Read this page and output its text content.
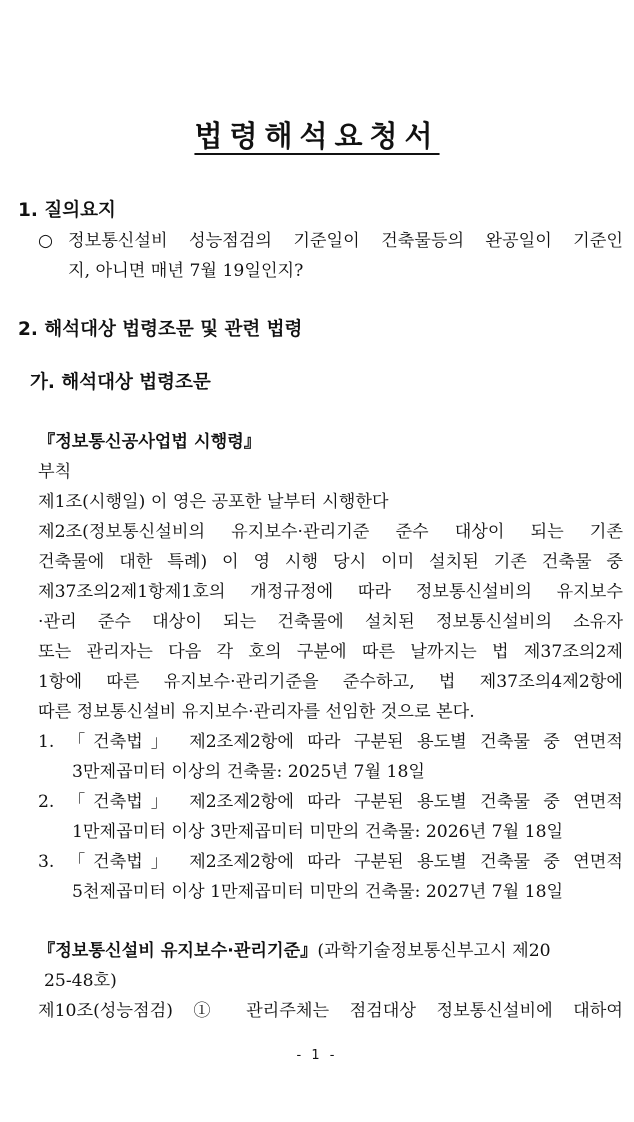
법령해석요청서
1. 질의요지
○ 정보통신설비 성능점검의 기준일이 건축물등의 완공일이 기준인
지, 아니면 매년 7월 19일인지?
2. 해석대상 법령조문 및 관련 법령
가. 해석대상 법령조문
『정보통신공사업법 시행령』
부칙
제1조(시행일) 이 영은 공포한 날부터 시행한다
제2조(정보통신설비의 유지보수·관리기준 준수 대상이 되는 기존
건축물에 대한 특례) 이 영 시행 당시 이미 설치된 기존 건축물 중
제37조의2제1항제1호의 개정규정에 따라 정보통신설비의 유지보수
·관리 준수 대상이 되는 건축물에 설치된 정보통신설비의 소유자
또는 관리자는 다음 각 호의 구분에 따른 날까지는 법 제37조의2제
1항에 따른 유지보수·관리기준을 준수하고, 법 제37조의4제2항에
따른 정보통신설비 유지보수·관리자를 선임한 것으로 본다.
1. 「건축법」 제2조제2항에 따라 구분된 용도별 건축물 중 연면적
3만제곱미터 이상의 건축물: 2025년 7월 18일
2. 「건축법」 제2조제2항에 따라 구분된 용도별 건축물 중 연면적
1만제곱미터 이상 3만제곱미터 미만의 건축물: 2026년 7월 18일
3. 「건축법」 제2조제2항에 따라 구분된 용도별 건축물 중 연면적
5천제곱미터 이상 1만제곱미터 미만의 건축물: 2027년 7월 18일
『정보통신설비 유지보수·관리기준』(과학기술정보통신부고시 제20
25-48호)
제10조(성능점검) ① 관리주체는 점검대상 정보통신설비에 대하여
- 1 -
